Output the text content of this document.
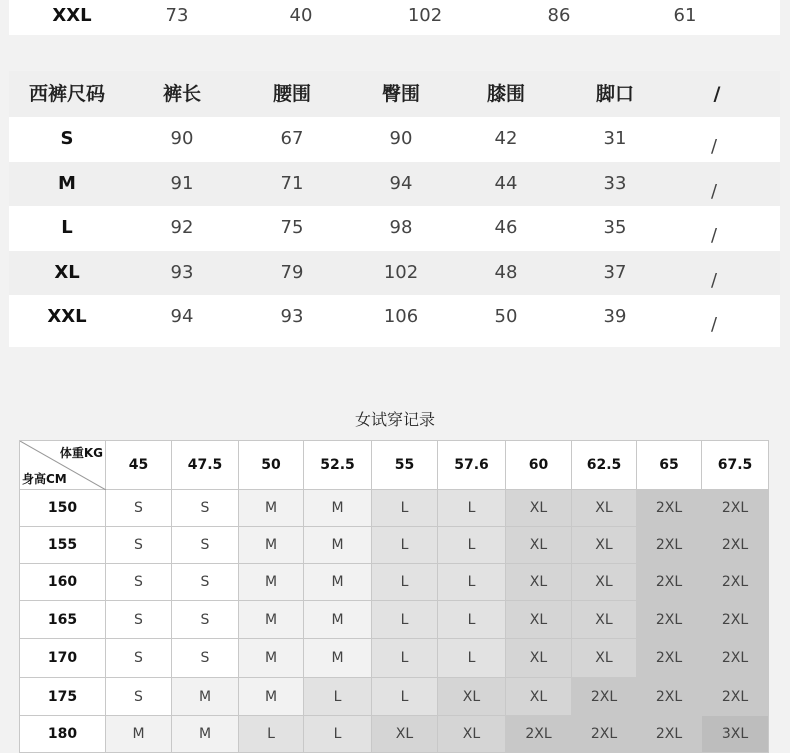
XXL	73	40	102	86	61
西裤尺码	裤长	腰围	臀围	膝围	脚口	/
S	90	67	90	42	31	/
M	91	71	94	44	33	/
L	92	75	98	46	35	/
XL	93	79	102	48	37	/
XXL	94	93	106	50	39	/
女试穿记录
体重KG
身高CM	45	47.5	50	52.5	55	57.6	60	62.5	65	67.5
150	S	S	M	M	L	L	XL	XL	2XL	2XL
155	S	S	M	M	L	L	XL	XL	2XL	2XL
160	S	S	M	M	L	L	XL	XL	2XL	2XL
165	S	S	M	M	L	L	XL	XL	2XL	2XL
170	S	S	M	M	L	L	XL	XL	2XL	2XL
175	S	M	M	L	L	XL	XL	2XL	2XL	2XL
180	M	M	L	L	XL	XL	2XL	2XL	2XL	3XL
